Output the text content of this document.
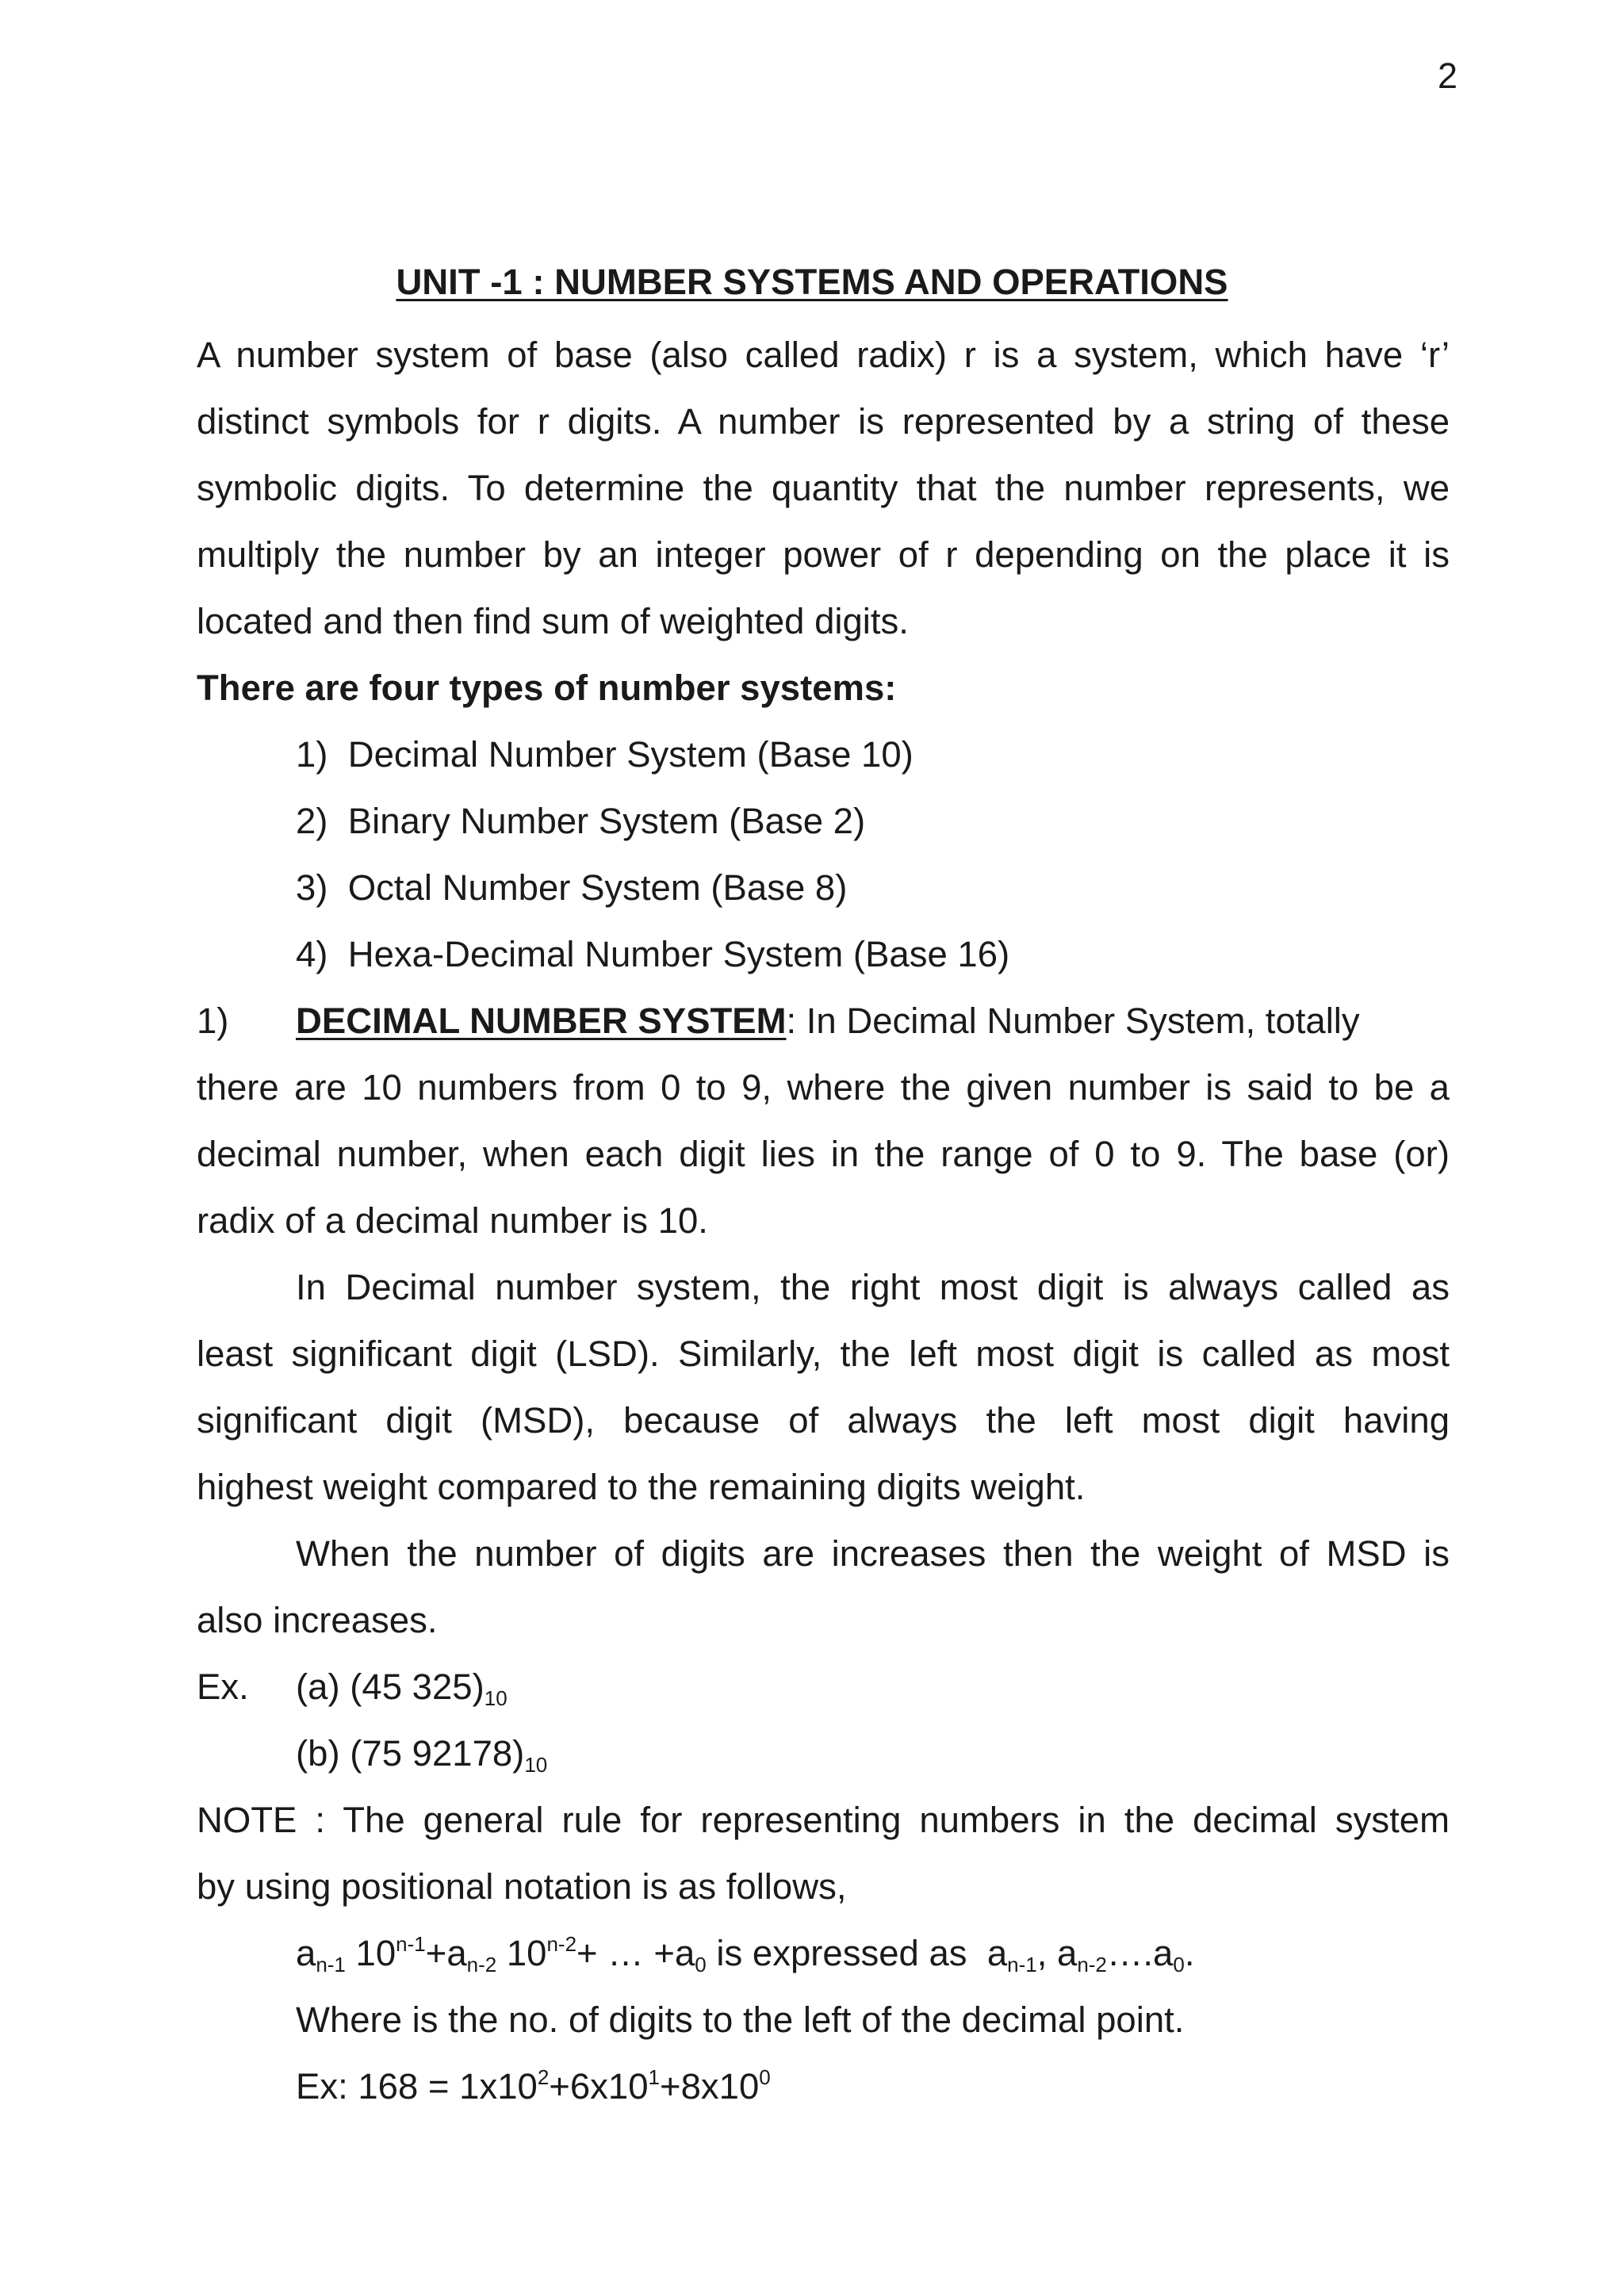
2
UNIT -1 : NUMBER SYSTEMS AND OPERATIONS
A number system of base (also called radix) r is a system, which have ‘r’
distinct symbols for r digits. A number is represented by a string of these
symbolic digits. To determine the quantity that the number represents, we
multiply the number by an integer power of r depending on the place it is
located and then find sum of weighted digits.
There are four types of number systems:
1) Decimal Number System (Base 10)
2) Binary Number System (Base 2)
3) Octal Number System (Base 8)
4) Hexa-Decimal Number System (Base 16)
1)	DECIMAL NUMBER SYSTEM: In Decimal Number System, totally
there are 10 numbers from 0 to 9, where the given number is said to be a
decimal number, when each digit lies in the range of 0 to 9. The base (or)
radix of a decimal number is 10.
In Decimal number system, the right most digit is always called as
least significant digit (LSD). Similarly, the left most digit is called as most
significant digit (MSD), because of always the left most digit having
highest weight compared to the remaining digits weight.
When the number of digits are increases then the weight of MSD is
also increases.
Ex. (a) (45 $325)_{10}$
(b) (75 $92178)_{10}$
NOTE : The general rule for representing numbers in the decimal system
by using positional notation is as follows,
$a_{n-1}$ $10^{n-1}+a_{n-2}$ $10^{n-2}+$ … $+a_0$ is expressed as  $a_{n-1}$, $a_{n-2}\dots.a_0$.
Where is the no. of digits to the left of the decimal point.
Ex: $168 = 1x10^2+6x10^1+8x10^0$
